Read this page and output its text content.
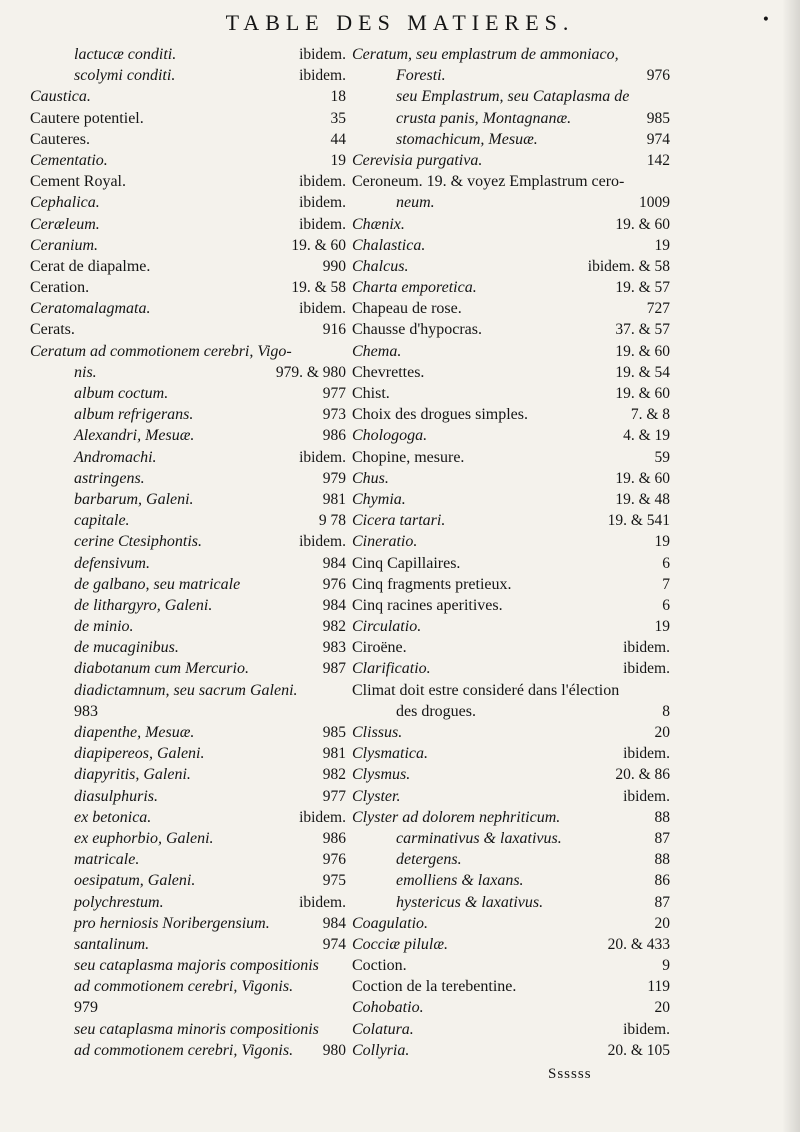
TABLE DES MATIERES.	•
lactucæ conditi.	ibidem.
scolymi conditi.	ibidem.
Caustica.	18
Cautere potentiel.	35
Cauteres.	44
Cementatio.	19
Cement Royal.	ibidem.
Cephalica.	ibidem.
Cerælеum.	ibidem.
Ceranium.	19. & 60
Cerat de diapalme.	990
Ceration.	19. & 58
Ceratomalagmata.	ibidem.
Cerats.	916
Ceratum ad commotionem cerebri, Vigo-
nis.	979. & 980
album coctum.	977
album refrigerans.	973
Alexandri, Mesuæ.	986
Andromachi.	ibidem.
astringens.	979
barbarum, Galeni.	981
capitale.	9 78
cerine Ctesiphontis.	ibidem.
defensivum.	984
de galbano, seu matricale	976
de lithargyro, Galeni.	984
de minio.	982
de mucaginibus.	983
diabotanum cum Mercurio.	987
diadictamnum, seu sacrum Galeni.
983
diapenthe, Mesuæ.	985
diapipereos, Galeni.	981
diapyritis, Galeni.	982
diasulphuris.	977
ex betonica.	ibidem.
ex euphorbio, Galeni.	986
matricale.	976
oesipatum, Galeni.	975
polychrestum.	ibidem.
pro herniosis Noribergensium.	984
santalinum.	974
seu cataplasma majoris compositionis
ad commotionem cerebri, Vigonis.
979
seu cataplasma minoris compositionis
ad commotionem cerebri, Vigonis. 980
Ceratum, seu emplastrum de ammoniaco,
Foresti.	976
seu Emplastrum, seu Cataplasma de
crusta panis, Montagnanæ.	985
stomachicum, Mesuæ.	974
Cerevisia purgativa.	142
Ceroneum. 19. & voyez Emplastrum cero-
neum.	1009
Chænix.	19. & 60
Chalastica.	19
Chalcus.	ibidem. & 58
Charta emporetica.	19. & 57
Chapeau de rose.	727
Chausse d'hypocras.	37. & 57
Chema.	19. & 60
Chevrettes.	19. & 54
Chist.	19. & 60
Choix des drogues simples.	7. & 8
Chologoga.	4. & 19
Chopine, mesure.	59
Chus.	19. & 60
Chymia.	19. & 48
Cicera tartari.	19. & 541
Cineratio.	19
Cinq Capillaires.	6
Cinq fragments pretieux.	7
Cinq racines aperitives.	6
Circulatio.	19
Ciroëne.	ibidem.
Clarificatio.	ibidem.
Climat doit estre consideré dans l'élection
des drogues.	8
Clissus.	20
Clysmatica.	ibidem.
Clysmus.	20. & 86
Clyster.	ibidem.
Clyster ad dolorem nephriticum.	88
carminativus & laxativus.	87
detergens.	88
emolliens & laxans.	86
hystericus & laxativus.	87
Coagulatio.	20
Cocciæ pilulæ.	20. & 433
Coction.	9
Coction de la terebentine.	119
Cohobatio.	20
Colatura.	ibidem.
Collyria.	20. & 105
Ssssss
